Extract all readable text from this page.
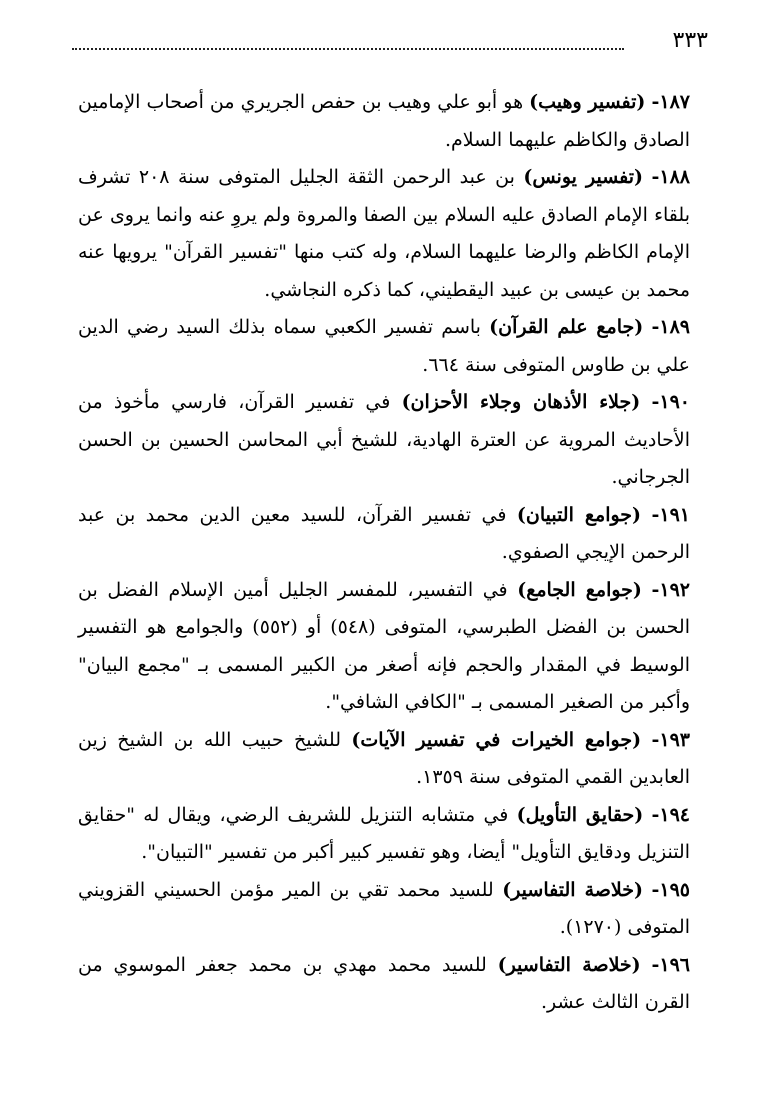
٣٣٣

١٨٧- (تفسير وهيب) هو أبو علي وهيب بن حفص الجريري من أصحاب الإمامين الصادق والكاظم عليهما السلام.

١٨٨- (تفسير يونس) بن عبد الرحمن الثقة الجليل المتوفى سنة ٢٠٨ تشرف بلقاء الإمام الصادق عليه السلام بين الصفا والمروة ولم يروِ عنه وانما يروى عن الإمام الكاظم والرضا عليهما السلام، وله كتب منها "تفسير القرآن" يرويها عنه محمد بن عيسى بن عبيد اليقطيني، كما ذكره النجاشي.

١٨٩- (جامع علم القرآن) باسم تفسير الكعبي سماه بذلك السيد رضي الدين علي بن طاوس المتوفى سنة ٦٦٤.

١٩٠- (جلاء الأذهان وجلاء الأحزان) في تفسير القرآن، فارسي مأخوذ من الأحاديث المروية عن العترة الهادية، للشيخ أبي المحاسن الحسين بن الحسن الجرجاني.

١٩١- (جوامع التبيان) في تفسير القرآن، للسيد معين الدين محمد بن عبد الرحمن الإيجي الصفوي.

١٩٢- (جوامع الجامع) في التفسير، للمفسر الجليل أمين الإسلام الفضل بن الحسن بن الفضل الطبرسي، المتوفى (٥٤٨) أو (٥٥٢) والجوامع هو التفسير الوسيط في المقدار والحجم فإنه أصغر من الكبير المسمى بـ "مجمع البيان" وأكبر من الصغير المسمى بـ "الكافي الشافي".

١٩٣- (جوامع الخيرات في تفسير الآيات) للشيخ حبيب الله بن الشيخ زين العابدين القمي المتوفى سنة ١٣٥٩.

١٩٤- (حقايق التأويل) في متشابه التنزيل للشريف الرضي، ويقال له "حقايق التنزيل ودقايق التأويل" أيضا، وهو تفسير كبير أكبر من تفسير "التبيان".

١٩٥- (خلاصة التفاسير) للسيد محمد تقي بن المير مؤمن الحسيني القزويني المتوفى (١٢٧٠).

١٩٦- (خلاصة التفاسير) للسيد محمد مهدي بن محمد جعفر الموسوي من القرن الثالث عشر.
